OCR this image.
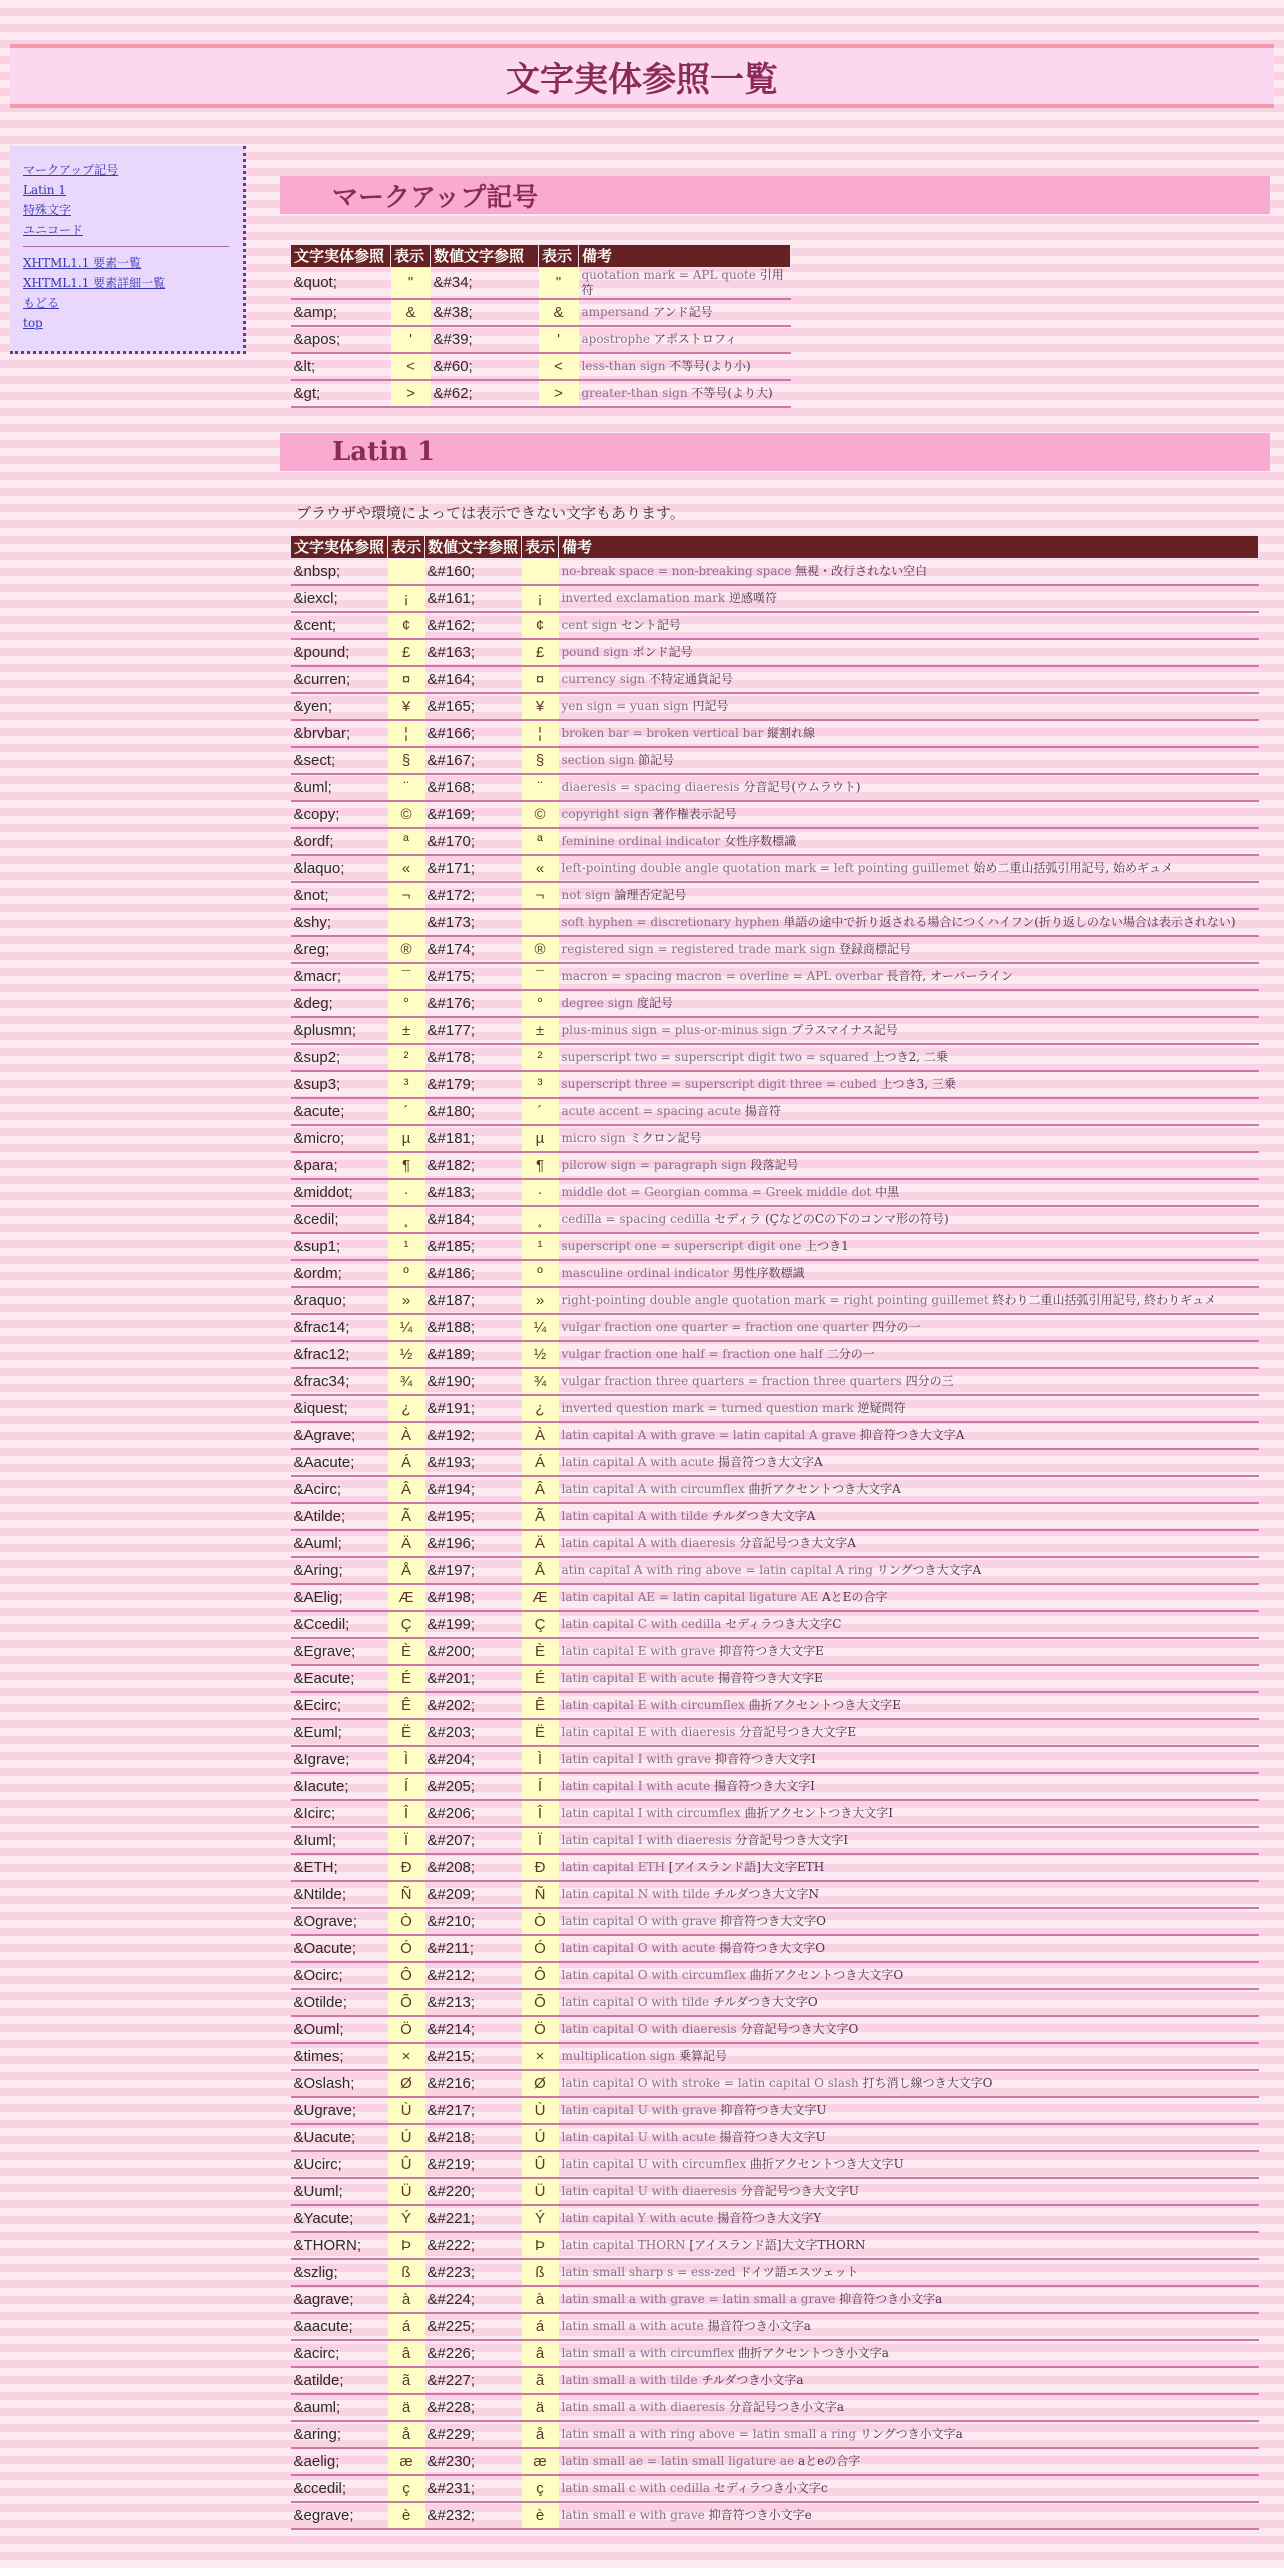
文字実体参照一覧
マークアップ記号
Latin 1
特殊文字
ユニコード
XHTML1.1 要素一覧
XHTML1.1 要素詳細一覧
もどる
top
マークアップ記号
文字実体参照	表示	数値文字参照	表示	備考
&quot;	"	&#34;	"	quotation mark = APL quote 引用符
&amp;	&	&#38;	&	ampersand アンド記号
&apos;	'	&#39;	'	apostrophe アポストロフィ
&lt;	<	&#60;	<	less-than sign 不等号(より小)
&gt;	>	&#62;	>	greater-than sign 不等号(より大)
Latin 1

ブラウザや環境によっては表示できない文字もあります。

文字実体参照	表示	数値文字参照	表示	備考
&nbsp;		&#160;		no-break space = non-breaking space 無視・改行されない空白
&iexcl;	¡	&#161;	¡	inverted exclamation mark 逆感嘆符
&cent;	¢	&#162;	¢	cent sign セント記号
&pound;	£	&#163;	£	pound sign ポンド記号
&curren;	¤	&#164;	¤	currency sign 不特定通貨記号
&yen;	¥	&#165;	¥	yen sign = yuan sign 円記号
&brvbar;	¦	&#166;	¦	broken bar = broken vertical bar 縦割れ線
&sect;	§	&#167;	§	section sign 節記号
&uml;	¨	&#168;	¨	diaeresis = spacing diaeresis 分音記号(ウムラウト)
&copy;	©	&#169;	©	copyright sign 著作権表示記号
&ordf;	ª	&#170;	ª	feminine ordinal indicator 女性序数標識
&laquo;	«	&#171;	«	left-pointing double angle quotation mark = left pointing guillemet 始め二重山括弧引用記号, 始めギュメ
&not;	¬	&#172;	¬	not sign 論理否定記号
&shy;		&#173;		soft hyphen = discretionary hyphen 単語の途中で折り返される場合につくハイフン(折り返しのない場合は表示されない)
&reg;	®	&#174;	®	registered sign = registered trade mark sign 登録商標記号
&macr;	¯	&#175;	¯	macron = spacing macron = overline = APL overbar 長音符, オーバーライン
&deg;	°	&#176;	°	degree sign 度記号
&plusmn;	±	&#177;	±	plus-minus sign = plus-or-minus sign プラスマイナス記号
&sup2;	²	&#178;	²	superscript two = superscript digit two = squared 上つき2, 二乗
&sup3;	³	&#179;	³	superscript three = superscript digit three = cubed 上つき3, 三乗
&acute;	´	&#180;	´	acute accent = spacing acute 揚音符
&micro;	µ	&#181;	µ	micro sign ミクロン記号
&para;	¶	&#182;	¶	pilcrow sign = paragraph sign 段落記号
&middot;	·	&#183;	·	middle dot = Georgian comma = Greek middle dot 中黒
&cedil;	¸	&#184;	¸	cedilla = spacing cedilla セディラ (ÇなどのCの下のコンマ形の符号)
&sup1;	¹	&#185;	¹	superscript one = superscript digit one 上つき1
&ordm;	º	&#186;	º	masculine ordinal indicator 男性序数標識
&raquo;	»	&#187;	»	right-pointing double angle quotation mark = right pointing guillemet 終わり二重山括弧引用記号, 終わりギュメ
&frac14;	¼	&#188;	¼	vulgar fraction one quarter = fraction one quarter 四分の一
&frac12;	½	&#189;	½	vulgar fraction one half = fraction one half 二分の一
&frac34;	¾	&#190;	¾	vulgar fraction three quarters = fraction three quarters 四分の三
&iquest;	¿	&#191;	¿	inverted question mark = turned question mark 逆疑問符
&Agrave;	À	&#192;	À	latin capital A with grave = latin capital A grave 抑音符つき大文字A
&Aacute;	Á	&#193;	Á	latin capital A with acute 揚音符つき大文字A
&Acirc;	Â	&#194;	Â	latin capital A with circumflex 曲折アクセントつき大文字A
&Atilde;	Ã	&#195;	Ã	latin capital A with tilde チルダつき大文字A
&Auml;	Ä	&#196;	Ä	latin capital A with diaeresis 分音記号つき大文字A
&Aring;	Å	&#197;	Å	atin capital A with ring above = latin capital A ring リングつき大文字A
&AElig;	Æ	&#198;	Æ	latin capital AE = latin capital ligature AE AとEの合字
&Ccedil;	Ç	&#199;	Ç	latin capital C with cedilla セディラつき大文字C
&Egrave;	È	&#200;	È	latin capital E with grave 抑音符つき大文字E
&Eacute;	É	&#201;	É	latin capital E with acute 揚音符つき大文字E
&Ecirc;	Ê	&#202;	Ê	latin capital E with circumflex 曲折アクセントつき大文字E
&Euml;	Ë	&#203;	Ë	latin capital E with diaeresis 分音記号つき大文字E
&Igrave;	Ì	&#204;	Ì	latin capital I with grave 抑音符つき大文字I
&Iacute;	Í	&#205;	Í	latin capital I with acute 揚音符つき大文字I
&Icirc;	Î	&#206;	Î	latin capital I with circumflex 曲折アクセントつき大文字I
&Iuml;	Ï	&#207;	Ï	latin capital I with diaeresis 分音記号つき大文字I
&ETH;	Ð	&#208;	Ð	latin capital ETH [アイスランド語]大文字ETH
&Ntilde;	Ñ	&#209;	Ñ	latin capital N with tilde チルダつき大文字N
&Ograve;	Ò	&#210;	Ò	latin capital O with grave 抑音符つき大文字O
&Oacute;	Ó	&#211;	Ó	latin capital O with acute 揚音符つき大文字O
&Ocirc;	Ô	&#212;	Ô	latin capital O with circumflex 曲折アクセントつき大文字O
&Otilde;	Õ	&#213;	Õ	latin capital O with tilde チルダつき大文字O
&Ouml;	Ö	&#214;	Ö	latin capital O with diaeresis 分音記号つき大文字O
&times;	×	&#215;	×	multiplication sign 乗算記号
&Oslash;	Ø	&#216;	Ø	latin capital O with stroke = latin capital O slash 打ち消し線つき大文字O
&Ugrave;	Ù	&#217;	Ù	latin capital U with grave 抑音符つき大文字U
&Uacute;	Ú	&#218;	Ú	latin capital U with acute 揚音符つき大文字U
&Ucirc;	Û	&#219;	Û	latin capital U with circumflex 曲折アクセントつき大文字U
&Uuml;	Ü	&#220;	Ü	latin capital U with diaeresis 分音記号つき大文字U
&Yacute;	Ý	&#221;	Ý	latin capital Y with acute 揚音符つき大文字Y
&THORN;	Þ	&#222;	Þ	latin capital THORN [アイスランド語]大文字THORN
&szlig;	ß	&#223;	ß	latin small sharp s = ess-zed ドイツ語エスツェット
&agrave;	à	&#224;	à	latin small a with grave = latin small a grave 抑音符つき小文字a
&aacute;	á	&#225;	á	latin small a with acute 揚音符つき小文字a
&acirc;	â	&#226;	â	latin small a with circumflex 曲折アクセントつき小文字a
&atilde;	ã	&#227;	ã	latin small a with tilde チルダつき小文字a
&auml;	ä	&#228;	ä	latin small a with diaeresis 分音記号つき小文字a
&aring;	å	&#229;	å	latin small a with ring above = latin small a ring リングつき小文字a
&aelig;	æ	&#230;	æ	latin small ae = latin small ligature ae aとeの合字
&ccedil;	ç	&#231;	ç	latin small c with cedilla セディラつき小文字c
&egrave;	è	&#232;	è	latin small e with grave 抑音符つき小文字e
